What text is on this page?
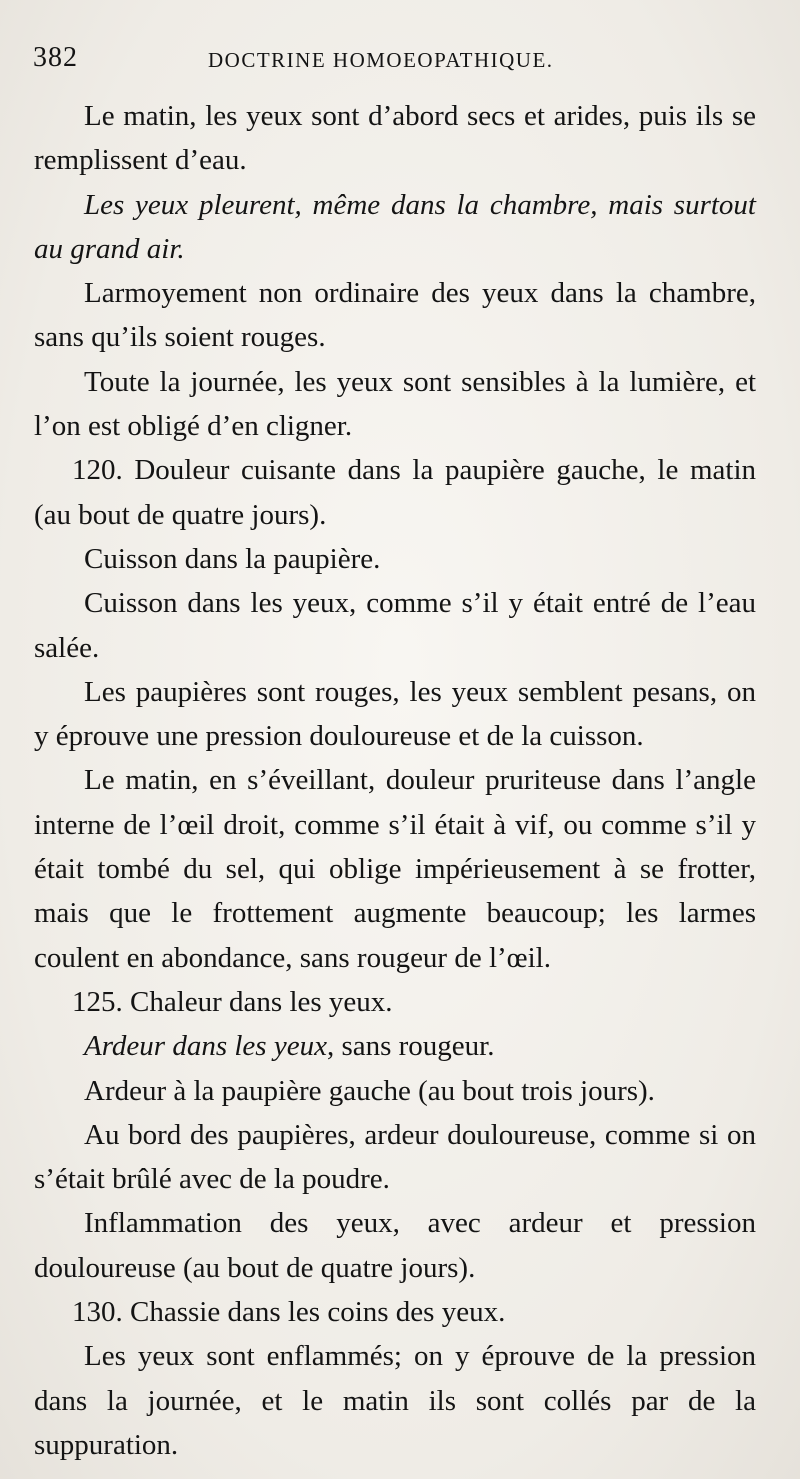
382	DOCTRINE HOMOEOPATHIQUE.

Le matin, les yeux sont d’abord secs et arides, puis ils se remplissent d’eau.

Les yeux pleurent, même dans la chambre, mais surtout au grand air.

Larmoyement non ordinaire des yeux dans la chambre, sans qu’ils soient rouges.

Toute la journée, les yeux sont sensibles à la lumière, et l’on est obligé d’en cligner.

120. Douleur cuisante dans la paupière gauche, le matin (au bout de quatre jours).

Cuisson dans la paupière.

Cuisson dans les yeux, comme s’il y était entré de l’eau salée.

Les paupières sont rouges, les yeux semblent pesans, on y éprouve une pression douloureuse et de la cuisson.

Le matin, en s’éveillant, douleur pruriteuse dans l’angle interne de l’œil droit, comme s’il était à vif, ou comme s’il y était tombé du sel, qui oblige impérieusement à se frotter, mais que le frottement augmente beaucoup; les larmes coulent en abondance, sans rougeur de l’œil.

125. Chaleur dans les yeux.

Ardeur dans les yeux, sans rougeur.

Ardeur à la paupière gauche (au bout trois jours).

Au bord des paupières, ardeur douloureuse, comme si on s’était brûlé avec de la poudre.

Inflammation des yeux, avec ardeur et pression douloureuse (au bout de quatre jours).

130. Chassie dans les coins des yeux.

Les yeux sont enflammés; on y éprouve de la pression dans la journée, et le matin ils sont collés par de la suppuration.
